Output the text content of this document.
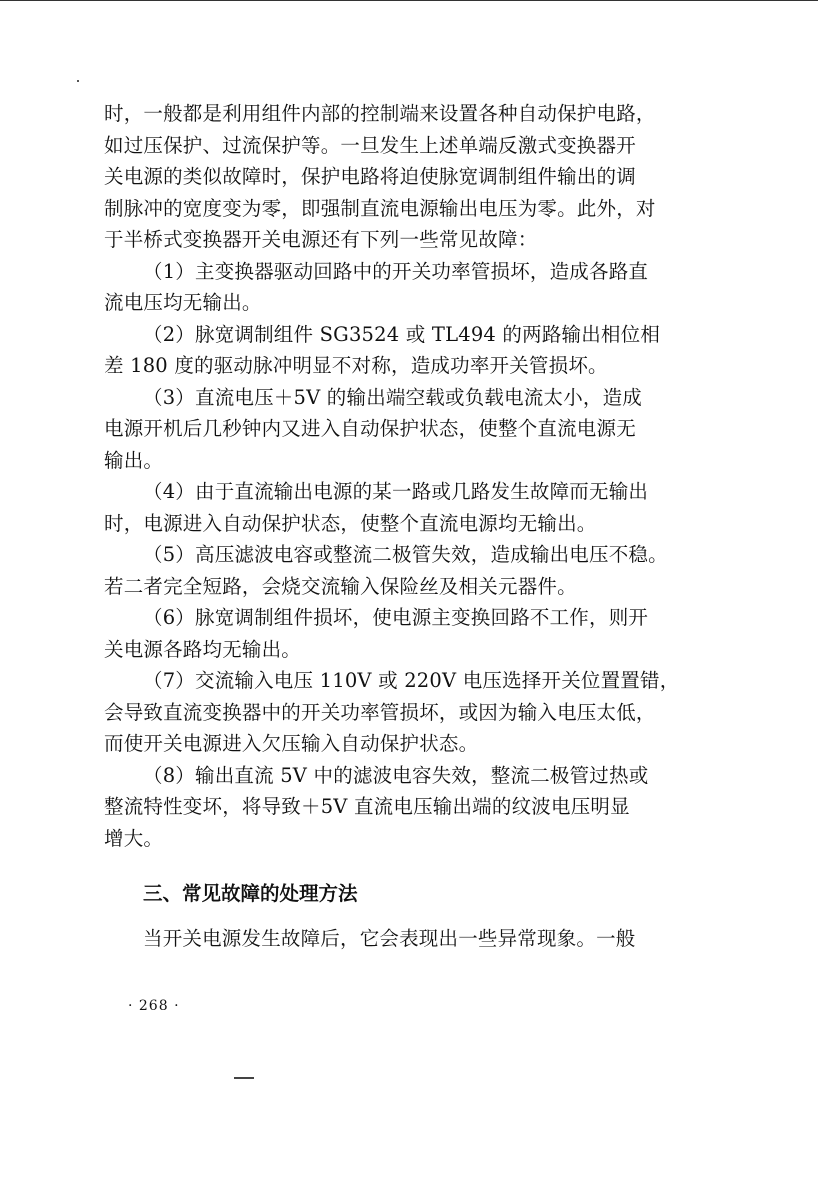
时，一般都是利用组件内部的控制端来设置各种自动保护电路，
如过压保护、过流保护等。一旦发生上述单端反激式变换器开
关电源的类似故障时，保护电路将迫使脉宽调制组件输出的调
制脉冲的宽度变为零，即强制直流电源输出电压为零。此外，对
于半桥式变换器开关电源还有下列一些常见故障：
（1）主变换器驱动回路中的开关功率管损坏，造成各路直
流电压均无输出。
（2）脉宽调制组件 SG3524 或 TL494 的两路输出相位相
差 180 度的驱动脉冲明显不对称，造成功率开关管损坏。
（3）直流电压＋5V 的输出端空载或负载电流太小，造成
电源开机后几秒钟内又进入自动保护状态，使整个直流电源无
输出。
（4）由于直流输出电源的某一路或几路发生故障而无输出
时，电源进入自动保护状态，使整个直流电源均无输出。
（5）高压滤波电容或整流二极管失效，造成输出电压不稳。
若二者完全短路，会烧交流输入保险丝及相关元器件。
（6）脉宽调制组件损坏，使电源主变换回路不工作，则开
关电源各路均无输出。
（7）交流输入电压 110V 或 220V 电压选择开关位置置错，
会导致直流变换器中的开关功率管损坏，或因为输入电压太低，
而使开关电源进入欠压输入自动保护状态。
（8）输出直流 5V 中的滤波电容失效，整流二极管过热或
整流特性变坏，将导致＋5V 直流电压输出端的纹波电压明显
增大。
三、常见故障的处理方法
当开关电源发生故障后，它会表现出一些异常现象。一般
· 268 ·
